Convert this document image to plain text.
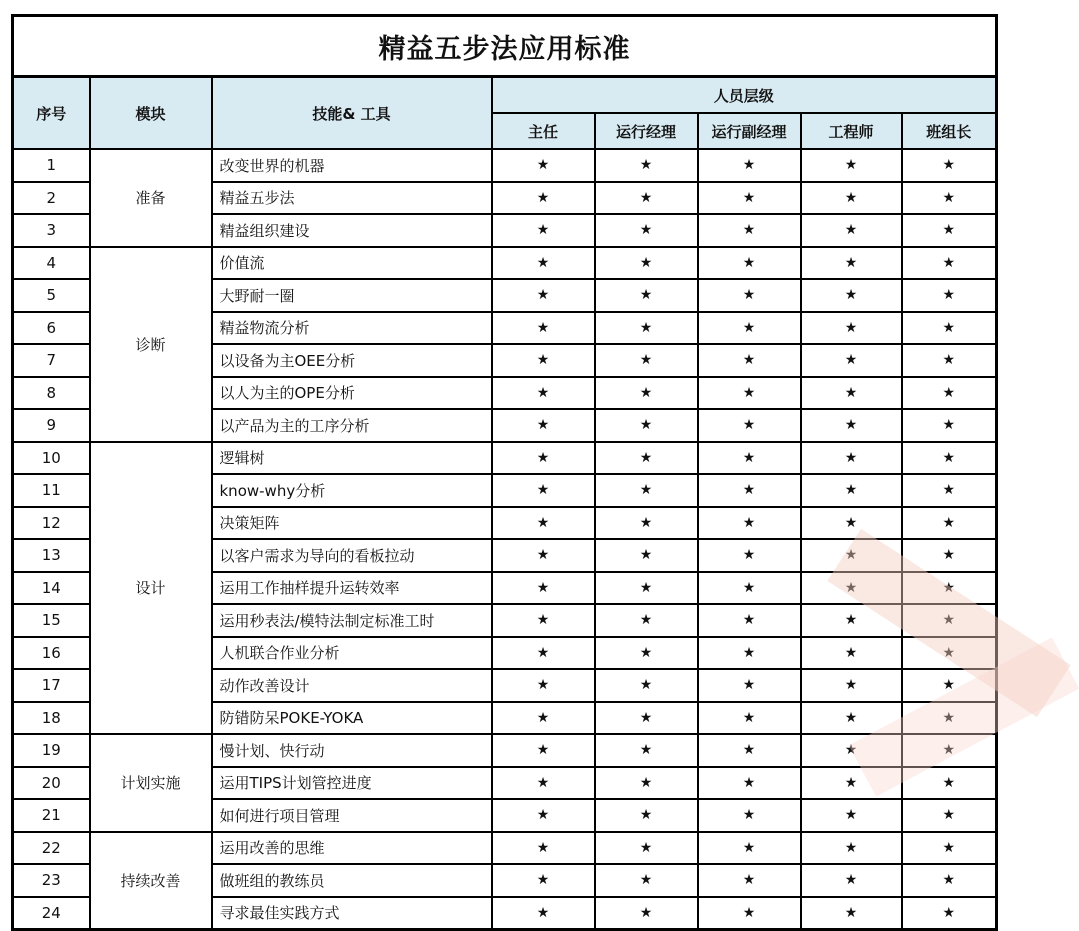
精益五步法应用标准							
序号	模块	技能& 工具	人员层级				
			主任	运行经理	运行副经理	工程师	班组长
1	准备	改变世界的机器	★	★	★	★	★
2		精益五步法	★	★	★	★	★
3		精益组织建设	★	★	★	★	★
4	诊断	价值流	★	★	★	★	★
5		大野耐一圈	★	★	★	★	★
6		精益物流分析	★	★	★	★	★
7		以设备为主OEE分析	★	★	★	★	★
8		以人为主的OPE分析	★	★	★	★	★
9		以产品为主的工序分析	★	★	★	★	★
10	设计	逻辑树	★	★	★	★	★
11		know-why分析	★	★	★	★	★
12		决策矩阵	★	★	★	★	★
13		以客户需求为导向的看板拉动	★	★	★	★	★
14		运用工作抽样提升运转效率	★	★	★	★	★
15		运用秒表法/模特法制定标准工时	★	★	★	★	★
16		人机联合作业分析	★	★	★	★	★
17		动作改善设计	★	★	★	★	★
18		防错防呆POKE-YOKA	★	★	★	★	★
19	计划实施	慢计划、快行动	★	★	★	★	★
20		运用TIPS计划管控进度	★	★	★	★	★
21		如何进行项目管理	★	★	★	★	★
22	持续改善	运用改善的思维	★	★	★	★	★
23		做班组的教练员	★	★	★	★	★
24		寻求最佳实践方式	★	★	★	★	★
